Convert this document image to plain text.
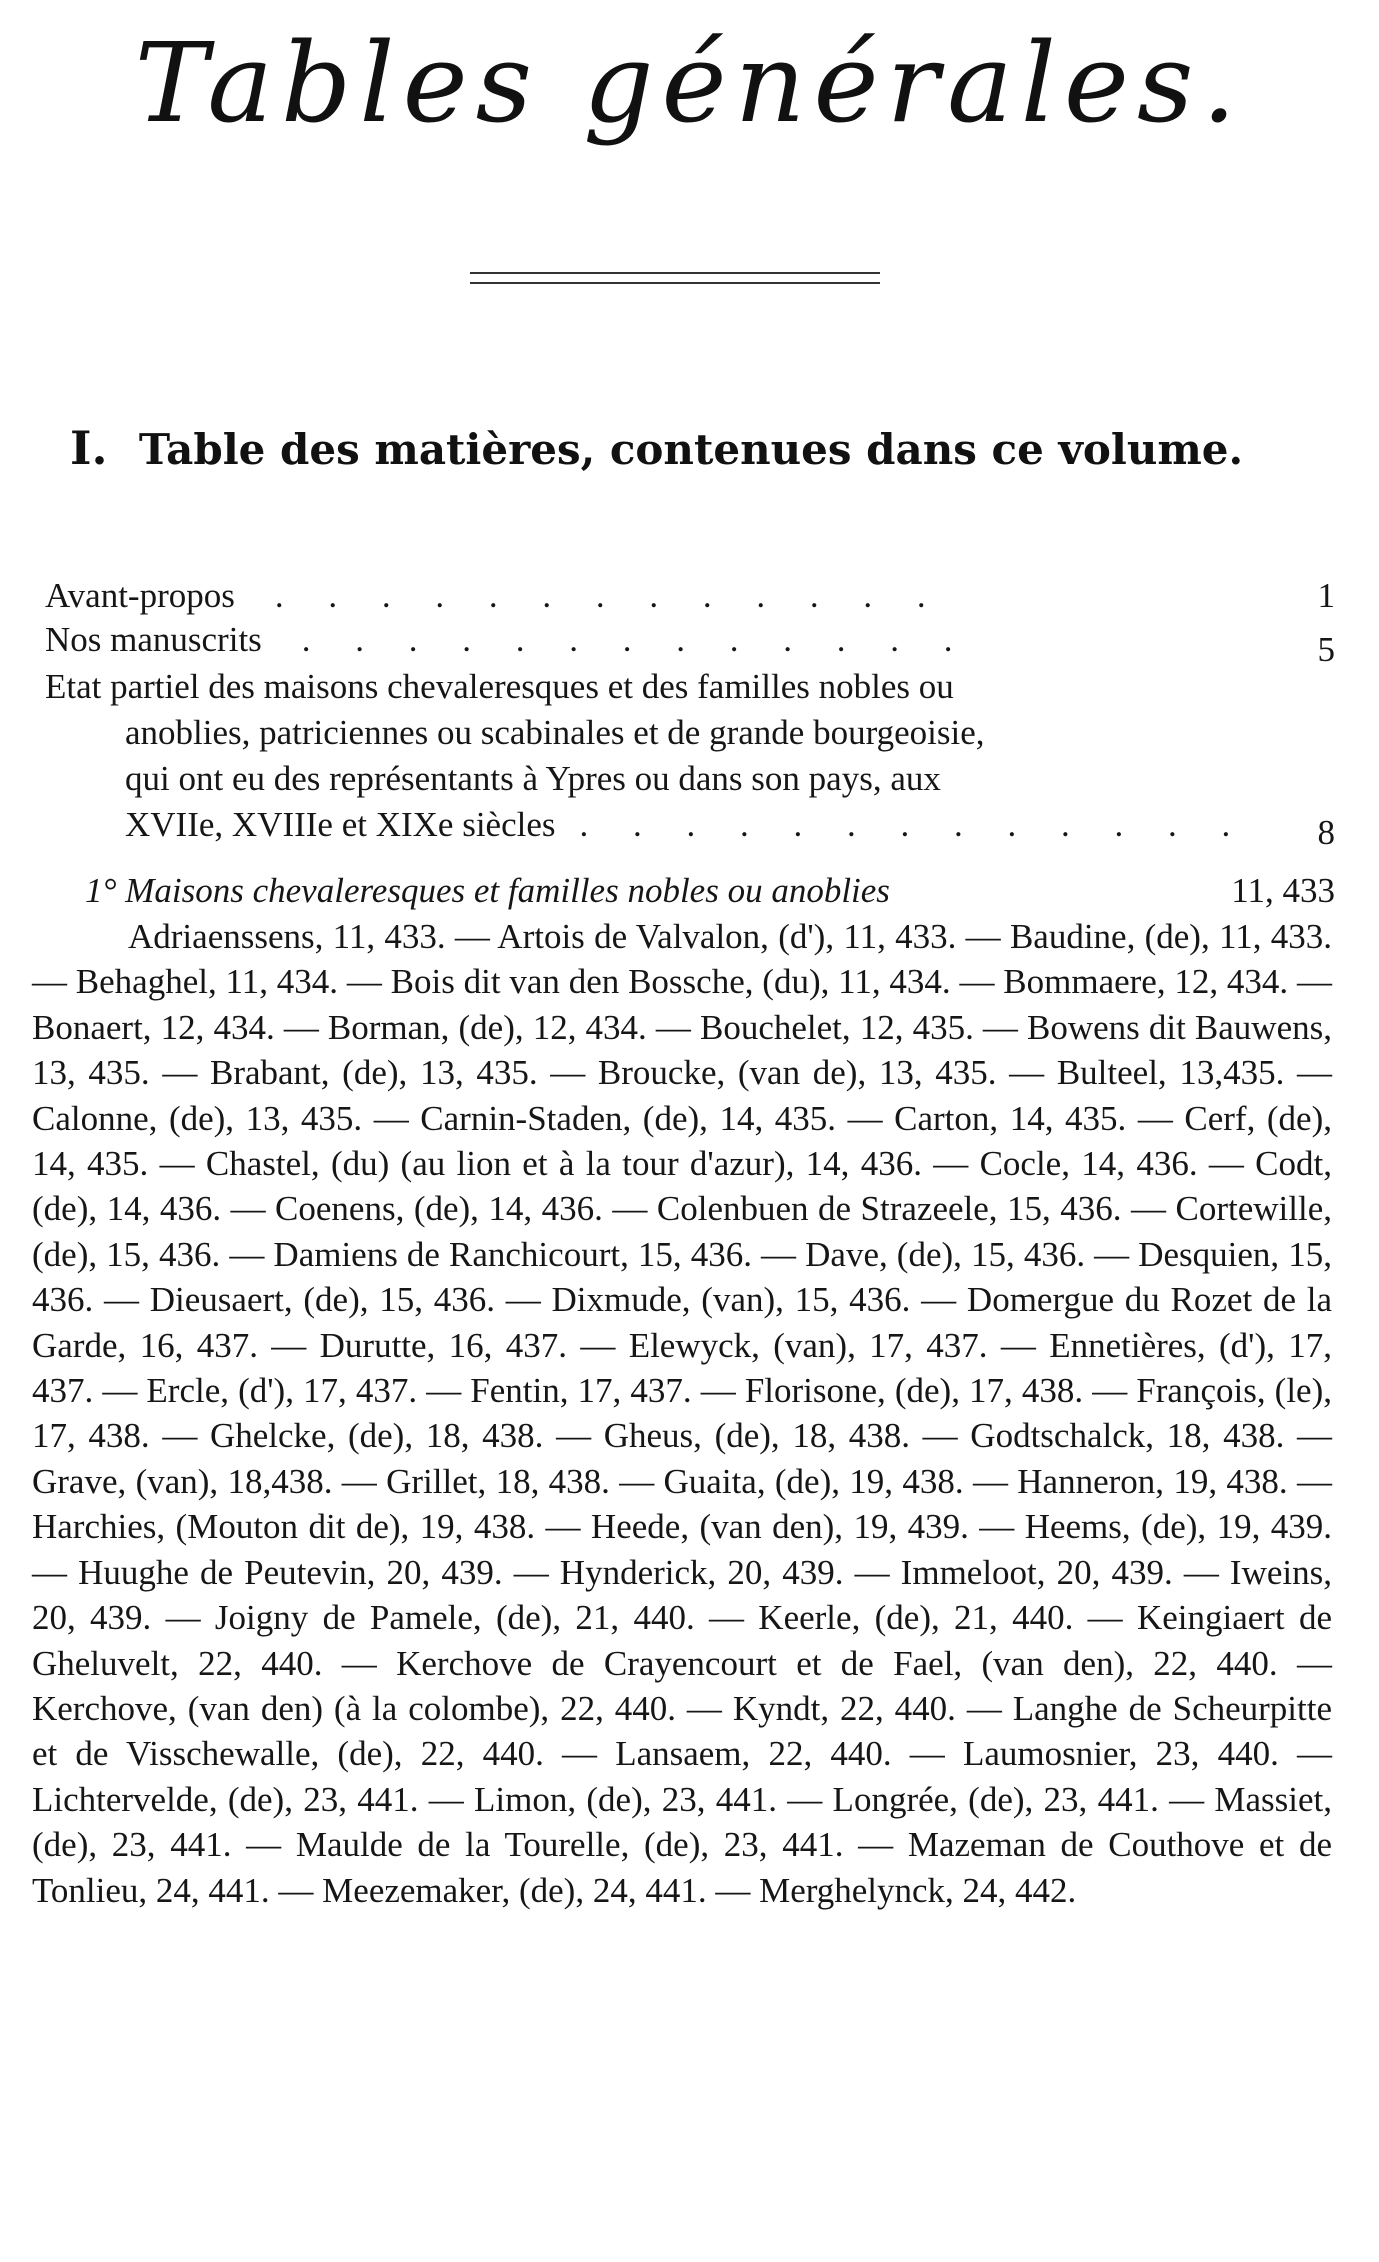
Tables générales.
I. Table des matières, contenues dans ce volume.
Avant-propos . . . . . . . . . . . . .	1
Nos manuscrits . . . . . . . . . . . . .	5
Etat partiel des maisons chevaleresques et des familles nobles ou
anoblies, patriciennes ou scabinales et de grande bourgeoisie,
qui ont eu des représentants à Ypres ou dans son pays, aux
XVIIe, XVIIIe et XIXe siècles . . . . . . . . . . . . . 8
1° Maisons chevaleresques et familles nobles ou anoblies	11, 433

Adriaenssens, 11, 433. — Artois de Valvalon, (d'), 11, 433. — Baudine, (de), 11, 433. — Behaghel, 11, 434. — Bois dit van den Bossche, (du), 11, 434. — Bommaere, 12, 434. — Bonaert, 12, 434. — Borman, (de), 12, 434. — Bouchelet, 12, 435. — Bowens dit Bauwens, 13, 435. — Brabant, (de), 13, 435. — Broucke, (van de), 13, 435. — Bulteel, 13,435. — Calonne, (de), 13, 435. — Carnin-Staden, (de), 14, 435. — Carton, 14, 435. — Cerf, (de), 14, 435. — Chastel, (du) (au lion et à la tour d'azur), 14, 436. — Cocle, 14, 436. — Codt, (de), 14, 436. — Coenens, (de), 14, 436. — Colenbuen de Strazeele, 15, 436. — Cortewille, (de), 15, 436. — Damiens de Ranchicourt, 15, 436. — Dave, (de), 15, 436. — Desquien, 15, 436. — Dieusaert, (de), 15, 436. — Dixmude, (van), 15, 436. — Domergue du Rozet de la Garde, 16, 437. — Durutte, 16, 437. — Elewyck, (van), 17, 437. — Ennetières, (d'), 17, 437. — Ercle, (d'), 17, 437. — Fentin, 17, 437. — Florisone, (de), 17, 438. — François, (le), 17, 438. — Ghelcke, (de), 18, 438. — Gheus, (de), 18, 438. — Godtschalck, 18, 438. — Grave, (van), 18,438. — Grillet, 18, 438. — Guaita, (de), 19, 438. — Hanneron, 19, 438. — Harchies, (Mouton dit de), 19, 438. — Heede, (van den), 19, 439. — Heems, (de), 19, 439. — Huughe de Peutevin, 20, 439. — Hynderick, 20, 439. — Immeloot, 20, 439. — Iweins, 20, 439. — Joigny de Pamele, (de), 21, 440. — Keerle, (de), 21, 440. — Keingiaert de Gheluvelt, 22, 440. — Kerchove de Crayencourt et de Fael, (van den), 22, 440. — Kerchove, (van den) (à la colombe), 22, 440. — Kyndt, 22, 440. — Langhe de Scheurpitte et de Visschewalle, (de), 22, 440. — Lansaem, 22, 440. — Laumosnier, 23, 440. — Lichtervelde, (de), 23, 441. — Limon, (de), 23, 441. — Longrée, (de), 23, 441. — Massiet, (de), 23, 441. — Maulde de la Tourelle, (de), 23, 441. — Mazeman de Couthove et de Tonlieu, 24, 441. — Meezemaker, (de), 24, 441. — Merghelynck, 24, 442.
